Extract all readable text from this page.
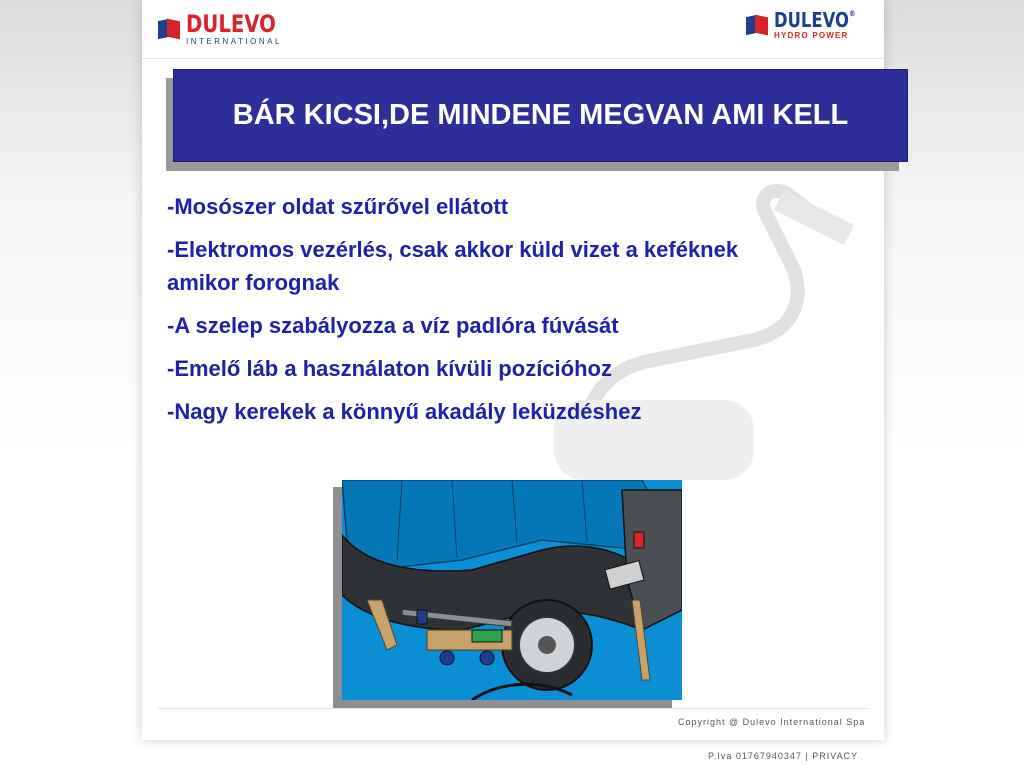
DULEVO
INTERNATIONAL
DULEVO®
HYDRO POWER
BÁR KICSI,DE MINDENE MEGVAN AMI KELL
-Mosószer oldat szűrővel ellátott
-Elektromos vezérlés, csak akkor küld vizet a keféknek amikor forognak
-A szelep szabályozza a víz padlóra fúvását
-Emelő láb a használaton kívüli pozícióhoz
-Nagy kerekek a könnyű akadály leküzdéshez
Copyright @ Dulevo International Spa
P.Iva 01767940347 | PRIVACY
